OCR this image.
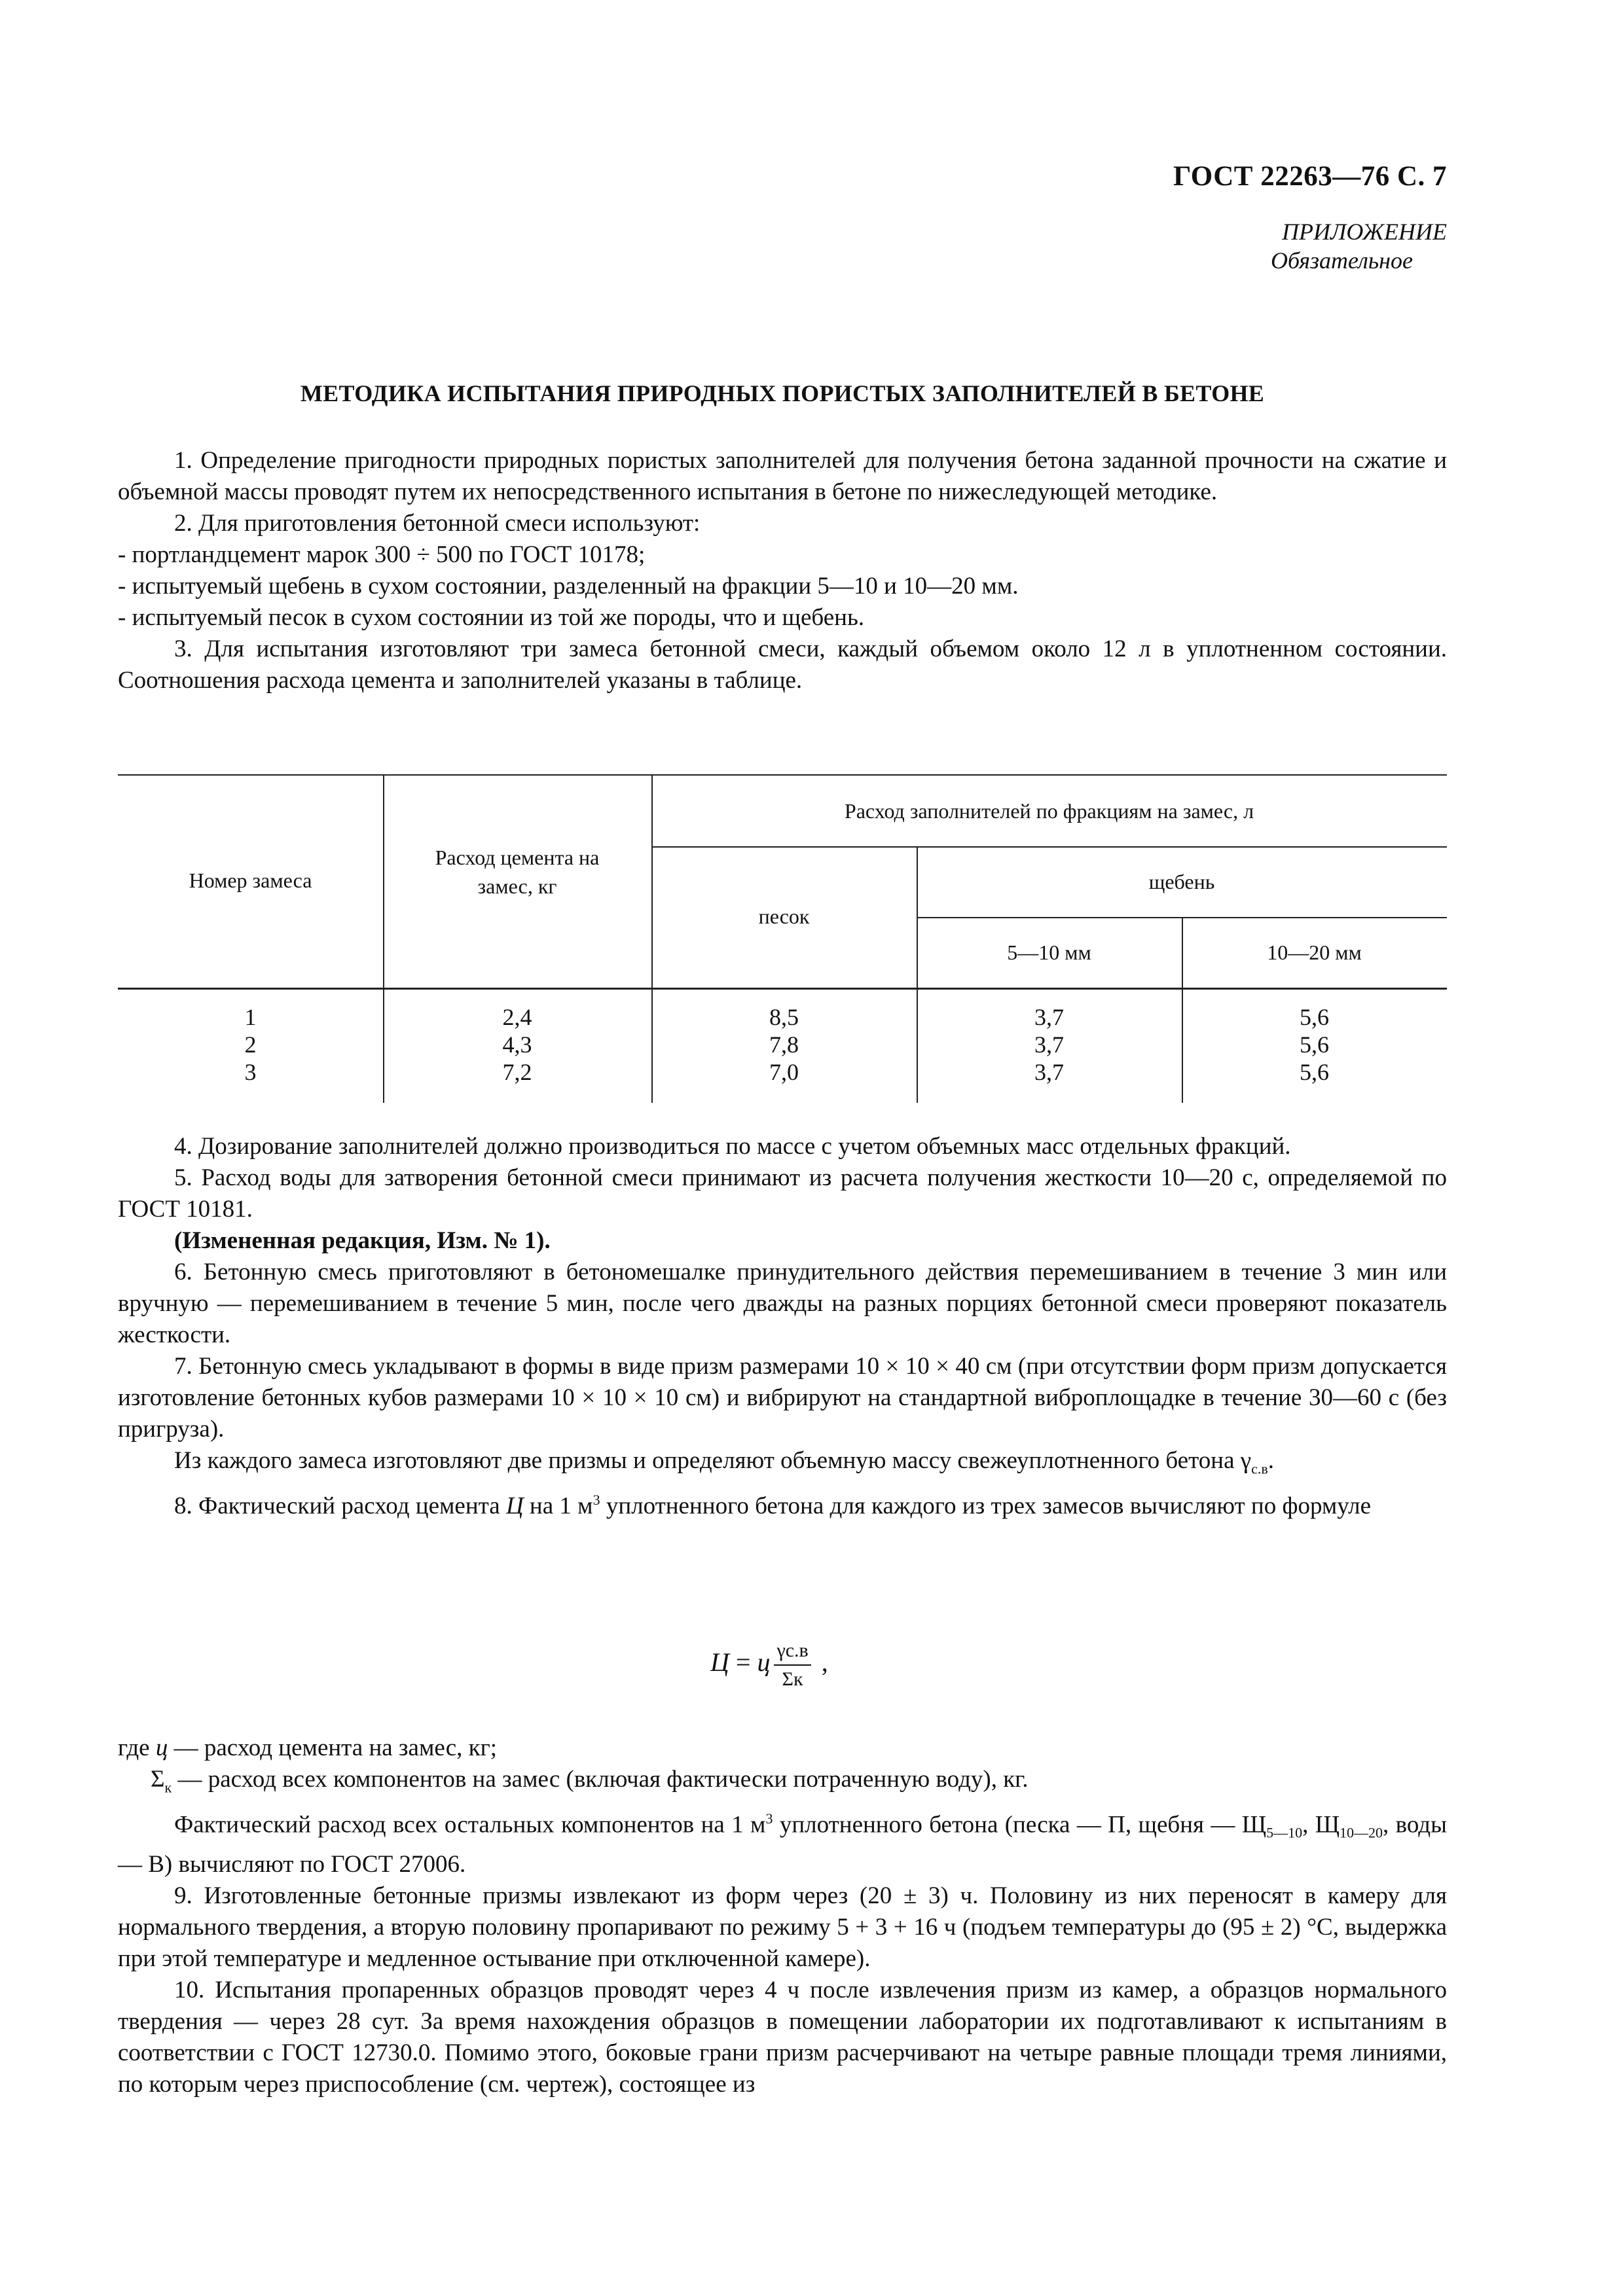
ГОСТ 22263—76 С. 7
ПРИЛОЖЕНИЕ
Обязательное
МЕТОДИКА ИСПЫТАНИЯ ПРИРОДНЫХ ПОРИСТЫХ ЗАПОЛНИТЕЛЕЙ В БЕТОНЕ

1. Определение пригодности природных пористых заполнителей для получения бетона заданной прочности на сжатие и объемной массы проводят путем их непосредственного испытания в бетоне по нижеследующей методике.

2. Для приготовления бетонной смеси используют:

- портландцемент марок 300 ÷ 500 по ГОСТ 10178;

- испытуемый щебень в сухом состоянии, разделенный на фракции 5—10 и 10—20 мм.

- испытуемый песок в сухом состоянии из той же породы, что и щебень.

3. Для испытания изготовляют три замеса бетонной смеси, каждый объемом около 12 л в уплотненном состоянии. Соотношения расхода цемента и заполнителей указаны в таблице.

Номер замеса
Расход цемента на замес, кг
Расход заполнителей по фракциям на замес, л
песок
щебень
5—10 мм	10—20 мм
1
2
3
2,4
4,3
7,2
8,5
7,8
7,0
3,7
3,7
3,7
5,6
5,6
5,6

4. Дозирование заполнителей должно производиться по массе с учетом объемных масс отдельных фракций.

5. Расход воды для затворения бетонной смеси принимают из расчета получения жесткости 10—20 с, определяемой по ГОСТ 10181.

(Измененная редакция, Изм. № 1).

6. Бетонную смесь приготовляют в бетономешалке принудительного действия перемешиванием в течение 3 мин или вручную — перемешиванием в течение 5 мин, после чего дважды на разных порциях бетонной смеси проверяют показатель жесткости.

7. Бетонную смесь укладывают в формы в виде призм размерами 10 × 10 × 40 см (при отсутствии форм призм допускается изготовление бетонных кубов размерами 10 × 10 × 10 см) и вибрируют на стандартной виброплощадке в течение 30—60 с (без пригруза).

Из каждого замеса изготовляют две призмы и определяют объемную массу свежеуплотненного бетона $\gamma_{с.в}$.

8. Фактический расход цемента Ц на 1 $м^3$ уплотненного бетона для каждого из трех замесов вычисляют по формуле

Ц = ц $\frac{\gamma с.в}{\Sigma к}$ ,

где ц — расход цемента на замес, кг;

$\Sigma_к$ — расход всех компонентов на замес (включая фактически потраченную воду), кг.

Фактический расход всех остальных компонентов на 1 $м^3$ уплотненного бетона (песка — П, щебня — $Щ_{5—10}$, $Щ_{10—20}$, воды — В) вычисляют по ГОСТ 27006.

9. Изготовленные бетонные призмы извлекают из форм через (20 ± 3) ч. Половину из них переносят в камеру для нормального твердения, а вторую половину пропаривают по режиму 5 + 3 + 16 ч (подъем температуры до (95 ± 2) °С, выдержка при этой температуре и медленное остывание при отключенной камере).

10. Испытания пропаренных образцов проводят через 4 ч после извлечения призм из камер, а образцов нормального твердения — через 28 сут. За время нахождения образцов в помещении лаборатории их подготавливают к испытаниям в соответствии с ГОСТ 12730.0. Помимо этого, боковые грани призм расчерчивают на четыре равные площади тремя линиями, по которым через приспособление (см. чертеж), состоящее из
